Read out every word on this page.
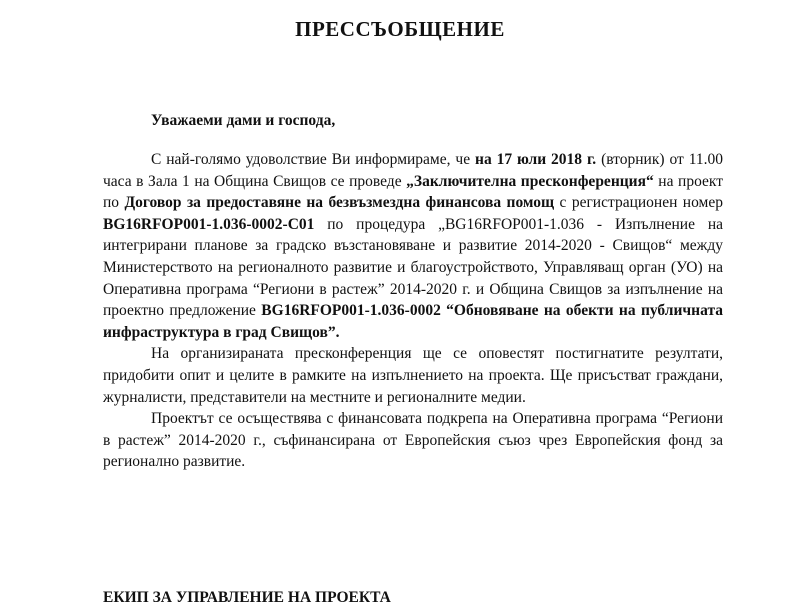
ПРЕССЪОБЩЕНИЕ
Уважаеми дами и господа,

С най-голямо удоволствие Ви информираме, че на 17 юли 2018 г. (вторник) от 11.00 часа в Зала 1 на Община Свищов се проведе „Заключителна пресконференция“ на проект по Договор за предоставяне на безвъзмездна финансова помощ с регистрационен номер BG16RFOP001-1.036-0002-С01 по процедура „BG16RFOP001-1.036 - Изпълнение на интегрирани планове за градско възстановяване и развитие 2014-2020 - Свищов“ между Министерството на регионалното развитие и благоустройството, Управляващ орган (УО) на Оперативна програма “Региони в растеж” 2014-2020 г. и Община Свищов за изпълнение на проектно предложение BG16RFOP001-1.036-0002 “Обновяване на обекти на публичната инфраструктура в град Свищов”.

На организираната пресконференция ще се оповестят постигнатите резултати, придобити опит и целите в рамките на изпълнението на проекта. Ще присъстват граждани, журналисти, представители на местните и регионалните медии.

Проектът се осъществява с финансовата подкрепа на Оперативна програма “Региони в растеж” 2014-2020 г., съфинансирана от Европейския съюз чрез Европейския фонд за регионално развитие.

ЕКИП ЗА УПРАВЛЕНИЕ НА ПРОЕКТА
